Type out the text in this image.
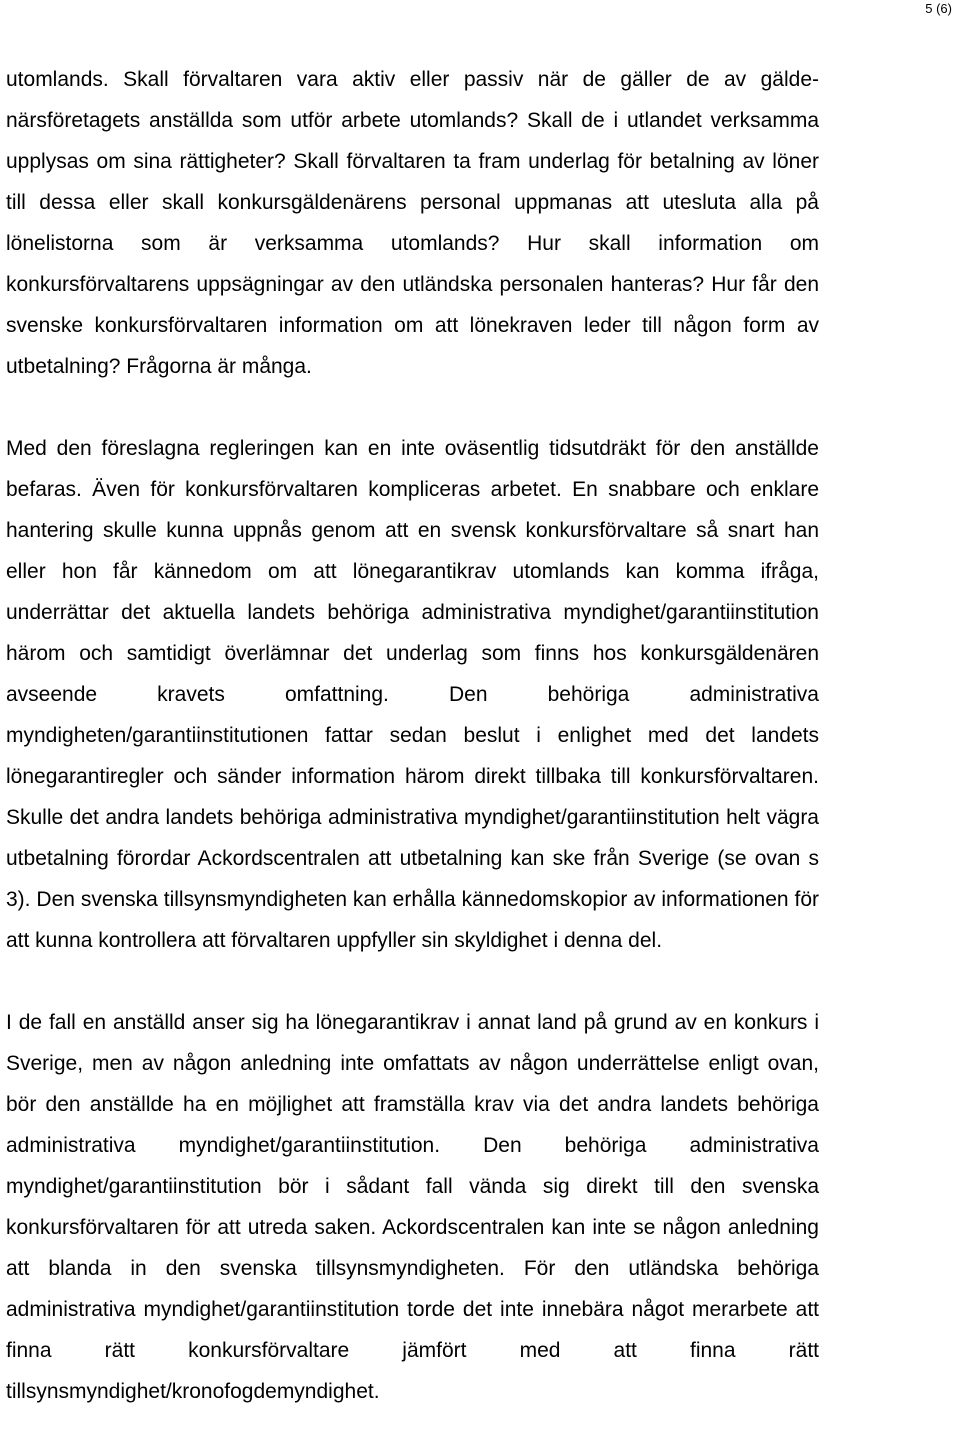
5 (6)

utomlands. Skall förvaltaren vara aktiv eller passiv när de gäller de av gäldenärsföretagets anställda som utför arbete utomlands? Skall de i utlandet verksamma upplysas om sina rättigheter? Skall förvaltaren ta fram underlag för betalning av löner till dessa eller skall konkursgäldenärens personal uppmanas att utesluta alla på lönelistorna som är verksamma utomlands? Hur skall information om konkursförvaltarens uppsägningar av den utländska personalen hanteras? Hur får den svenske konkursförvaltaren information om att lönekraven leder till någon form av utbetalning? Frågorna är många.

Med den föreslagna regleringen kan en inte oväsentlig tidsutdräkt för den anställde befaras. Även för konkursförvaltaren kompliceras arbetet. En snabbare och enklare hantering skulle kunna uppnås genom att en svensk konkursförvaltare så snart han eller hon får kännedom om att lönegarantikrav utomlands kan komma ifråga, underrättar det aktuella landets behöriga administrativa myndighet/garantiinstitution härom och samtidigt överlämnar det underlag som finns hos konkursgäldenären avseende kravets omfattning. Den behöriga administrativa myndigheten/garantiinstitutionen fattar sedan beslut i enlighet med det landets lönegarantiregler och sänder information härom direkt tillbaka till konkursförvaltaren. Skulle det andra landets behöriga administrativa myndighet/garantiinstitution helt vägra utbetalning förordar Ackordscentralen att utbetalning kan ske från Sverige (se ovan s 3). Den svenska tillsynsmyndigheten kan erhålla kännedomskopior av informationen för att kunna kontrollera att förvaltaren uppfyller sin skyldighet i denna del.

I de fall en anställd anser sig ha lönegarantikrav i annat land på grund av en konkurs i Sverige, men av någon anledning inte omfattats av någon underrättelse enligt ovan, bör den anställde ha en möjlighet att framställa krav via det andra landets behöriga administrativa myndighet/garantiinstitution. Den behöriga administrativa myndighet/garantiinstitution bör i sådant fall vända sig direkt till den svenska konkursförvaltaren för att utreda saken. Ackordscentralen kan inte se någon anledning att blanda in den svenska tillsynsmyndigheten. För den utländska behöriga administrativa myndighet/garantiinstitution torde det inte innebära något merarbete att finna rätt konkursförvaltare jämfört med att finna rätt tillsynsmyndighet/kronofogdemyndighet.
